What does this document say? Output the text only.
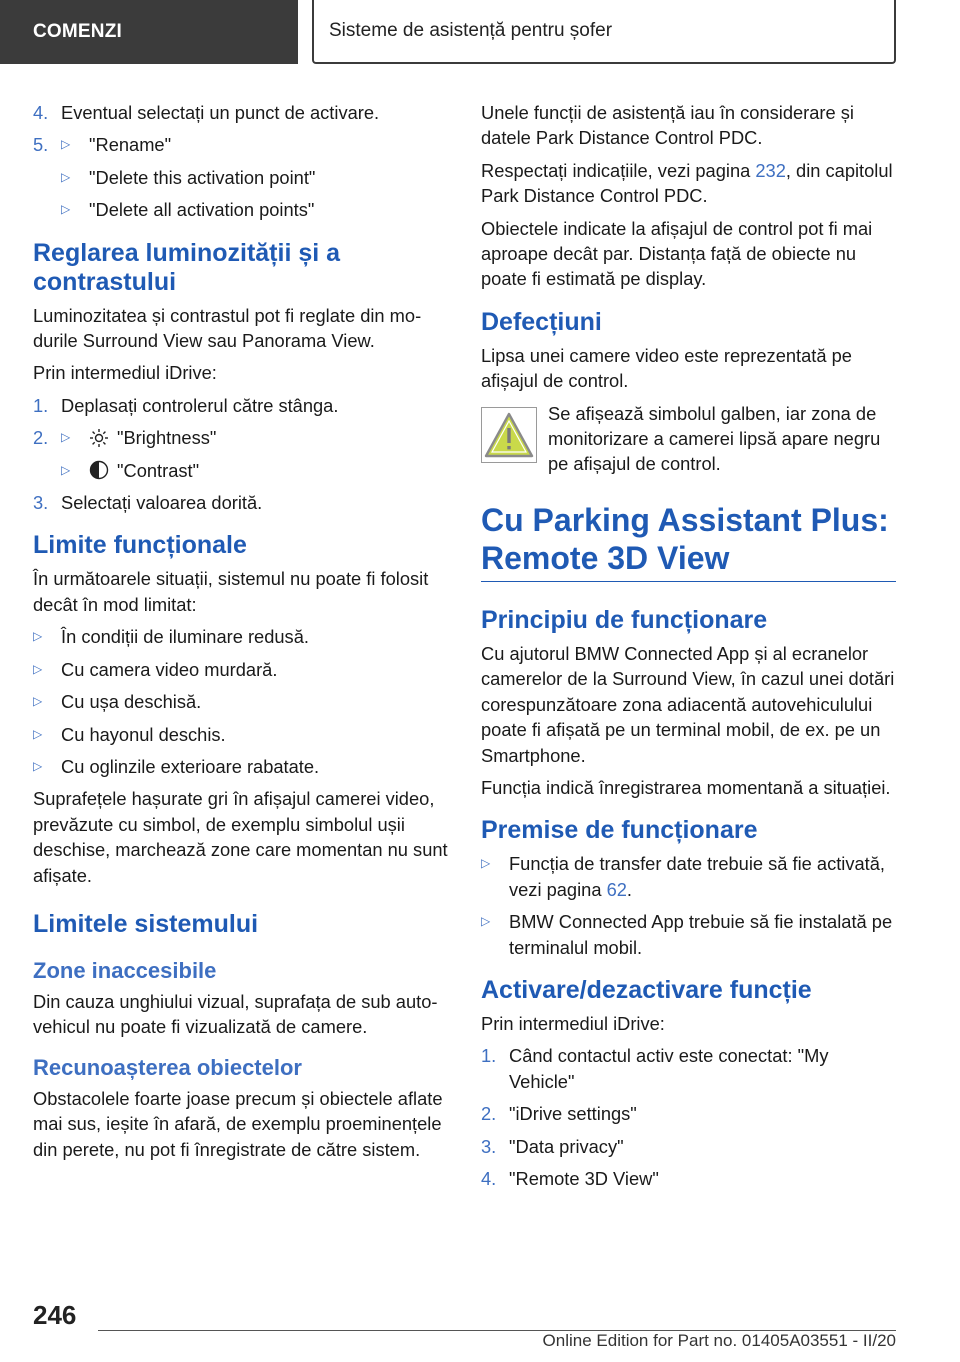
COMENZI	Sisteme de asistență pentru șofer
4. Eventual selectați un punct de activare.
5.	▷	"Rename"
▷	"Delete this activation point"
▷	"Delete all activation points"
Reglarea luminozității și a contrastului

Luminozitatea și contrastul pot fi reglate din modurile Surround View sau Panorama View.

Prin intermediul iDrive:

1. Deplasați controlerul către stânga.
2.	▷	"Brightness"
▷	"Contrast"
3. Selectați valoarea dorită.
Limite funcționale

În următoarele situații, sistemul nu poate fi folosit decât în mod limitat:

▷	În condiții de iluminare redusă.
▷	Cu camera video murdară.
▷	Cu ușa deschisă.
▷	Cu hayonul deschis.
▷	Cu oglinzile exterioare rabatate.

Suprafețele hașurate gri în afișajul camerei video, prevăzute cu simbol, de exemplu simbolul ușii deschise, marchează zone care momentan nu sunt afișate.

Limitele sistemului
Zone inaccesibile

Din cauza unghiului vizual, suprafața de sub autovehicul nu poate fi vizualizată de camere.

Recunoașterea obiectelor

Obstacolele foarte joase precum și obiectele aflate mai sus, ieșite în afară, de exemplu proeminențele din perete, nu pot fi înregistrate de către sistem.

Unele funcții de asistență iau în considerare și datele Park Distance Control PDC.

Respectați indicațiile, vezi pagina 232, din capitolul Park Distance Control PDC.

Obiectele indicate la afișajul de control pot fi mai aproape decât par. Distanța față de obiecte nu poate fi estimată pe display.

Defecțiuni

Lipsa unei camere video este reprezentată pe afișajul de control.

Se afișează simbolul galben, iar zona de monitorizare a camerei lipsă apare negru pe afișajul de control.

Cu Parking Assistant Plus: Remote 3D View
Principiu de funcționare

Cu ajutorul BMW Connected App și al ecranelor camerelor de la Surround View, în cazul unei dotări corespunzătoare zona adiacentă autovehiculului poate fi afișată pe un terminal mobil, de ex. pe un Smartphone.

Funcția indică înregistrarea momentană a situației.

Premise de funcționare
▷	Funcția de transfer date trebuie să fie activată, vezi pagina 62.
▷	BMW Connected App trebuie să fie instalată pe terminalul mobil.
Activare/dezactivare funcție

Prin intermediul iDrive:

1. Când contactul activ este conectat: "My Vehicle"
2. "iDrive settings"
3. "Data privacy"
4. "Remote 3D View"
246
Online Edition for Part no. 01405A03551 - II/20
